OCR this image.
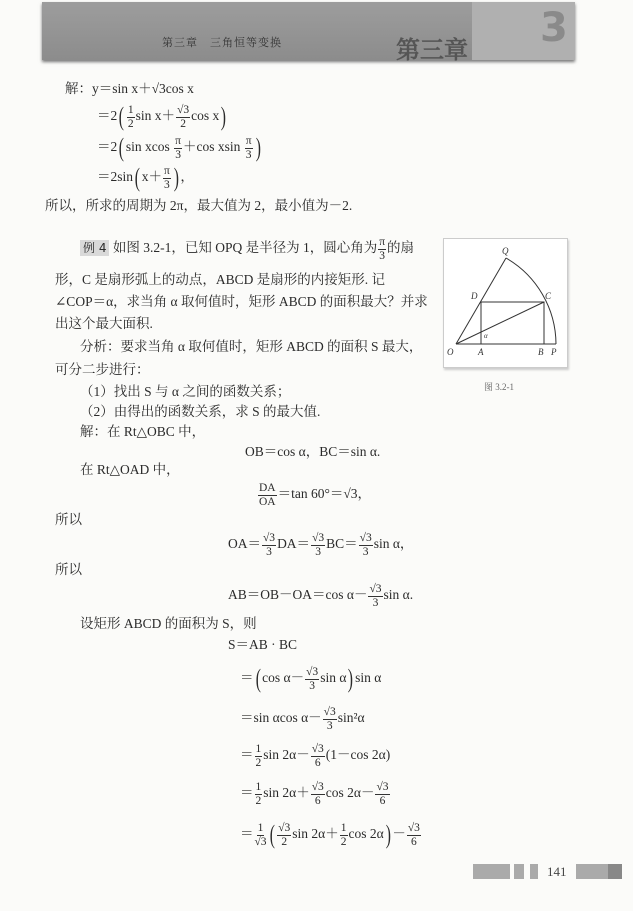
3
第三章　三角恒等变换	第三章
解：y＝sin x＋√3cos x
$=2( \frac{1}{2}$ $\sin x+ \frac{√3}{2}$ cos x)
＝2( sin xcos $\frac{\pi}{3} +\cos$ xsin $\frac{\pi}{3}$ )
＝2sin( $x+ \frac{\pi}{3}$ ) ，
所以，所求的周期为 2π，最大值为 2，最小值为－2.
例 4 如图 3.2-1，已知 OPQ 是半径为 1，圆心角为 $\frac{\pi}{3}$ 的扇
形，C 是扇形弧上的动点，ABCD 是扇形的内接矩形. 记
∠COP＝α，求当角 α 取何值时，矩形 ABCD 的面积最大？并求
出这个最大面积.
分析：要求当角 α 取何值时，矩形 ABCD 的面积 S 最大，
可分二步进行：
（1）找出 S 与 α 之间的函数关系；
（2）由得出的函数关系，求 S 的最大值.
解：在 Rt△OBC 中，
OB＝cos α，BC＝sin α.
在 Rt△OAD 中，
$\frac{DA}{OA} =\tan$ 60°＝√3，
所以
$OA= \frac{√3}{3} DA= \frac{√3}{3} BC= \frac{√3}{3}$ sin α，
所以
AB＝OB－OA＝cos $\alpha- \frac{√3}{3}$ sin α.
设矩形 ABCD 的面积为 S，则
S＝AB · BC
＝( $\cos \alpha- \frac{√3}{3}$ sin α) sin α
＝sin αcos $\alpha- \frac{√3}{3} \sin^2\alpha$
＝ $\frac{1}{2}$ $\sin 2\alpha- \frac{√3}{6} (1-\cos$ 2α)
＝ $\frac{1}{2}$ $\sin 2\alpha+ \frac{√3}{6}$ $\cos 2\alpha- \frac{√3}{6}$
＝ $\frac{1}{√3}$ ( $\frac{√3}{2}$ $\sin 2\alpha+ \frac{1}{2}$ $\cos 2\alpha) - \frac{√3}{6}$
O	A	B P
C
D
Q
α
图 3.2-1
141
